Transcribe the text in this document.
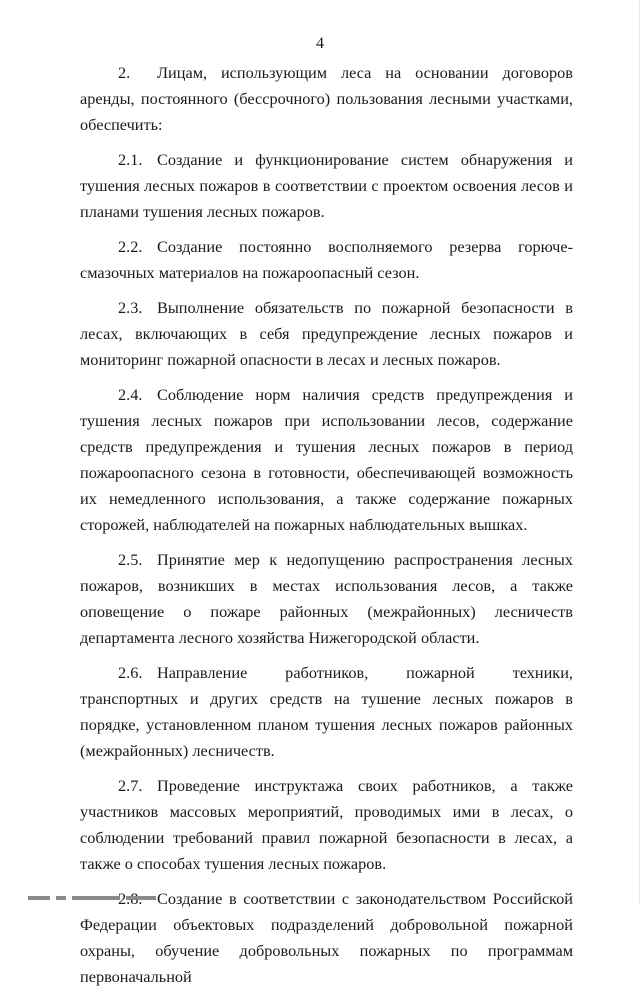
4

2. Лицам, использующим леса на основании договоров аренды, постоянного (бессрочного) пользования лесными участками, обеспечить:

2.1. Создание и функционирование систем обнаружения и тушения лесных пожаров в соответствии с проектом освоения лесов и планами тушения лесных пожаров.

2.2. Создание постоянно восполняемого резерва горюче-смазочных материалов на пожароопасный сезон.

2.3. Выполнение обязательств по пожарной безопасности в лесах, включающих в себя предупреждение лесных пожаров и мониторинг пожарной опасности в лесах и лесных пожаров.

2.4. Соблюдение норм наличия средств предупреждения и тушения лесных пожаров при использовании лесов, содержание средств предупреждения и тушения лесных пожаров в период пожароопасного сезона в готовности, обеспечивающей возможность их немедленного использования, а также содержание пожарных сторожей, наблюдателей на пожарных наблюдательных вышках.

2.5. Принятие мер к недопущению распространения лесных пожаров, возникших в местах использования лесов, а также оповещение о пожаре районных (межрайонных) лесничеств департамента лесного хозяйства Нижегородской области.

2.6. Направление работников, пожарной техники, транспортных и других средств на тушение лесных пожаров в порядке, установленном планом тушения лесных пожаров районных (межрайонных) лесничеств.

2.7. Проведение инструктажа своих работников, а также участников массовых мероприятий, проводимых ими в лесах, о соблюдении требований правил пожарной безопасности в лесах, а также о способах тушения лесных пожаров.

Создание в соответствии с законодательством Российской Федерации объектовых подразделений добровольной пожарной охраны, обучение добровольных пожарных по программам первоначальной
